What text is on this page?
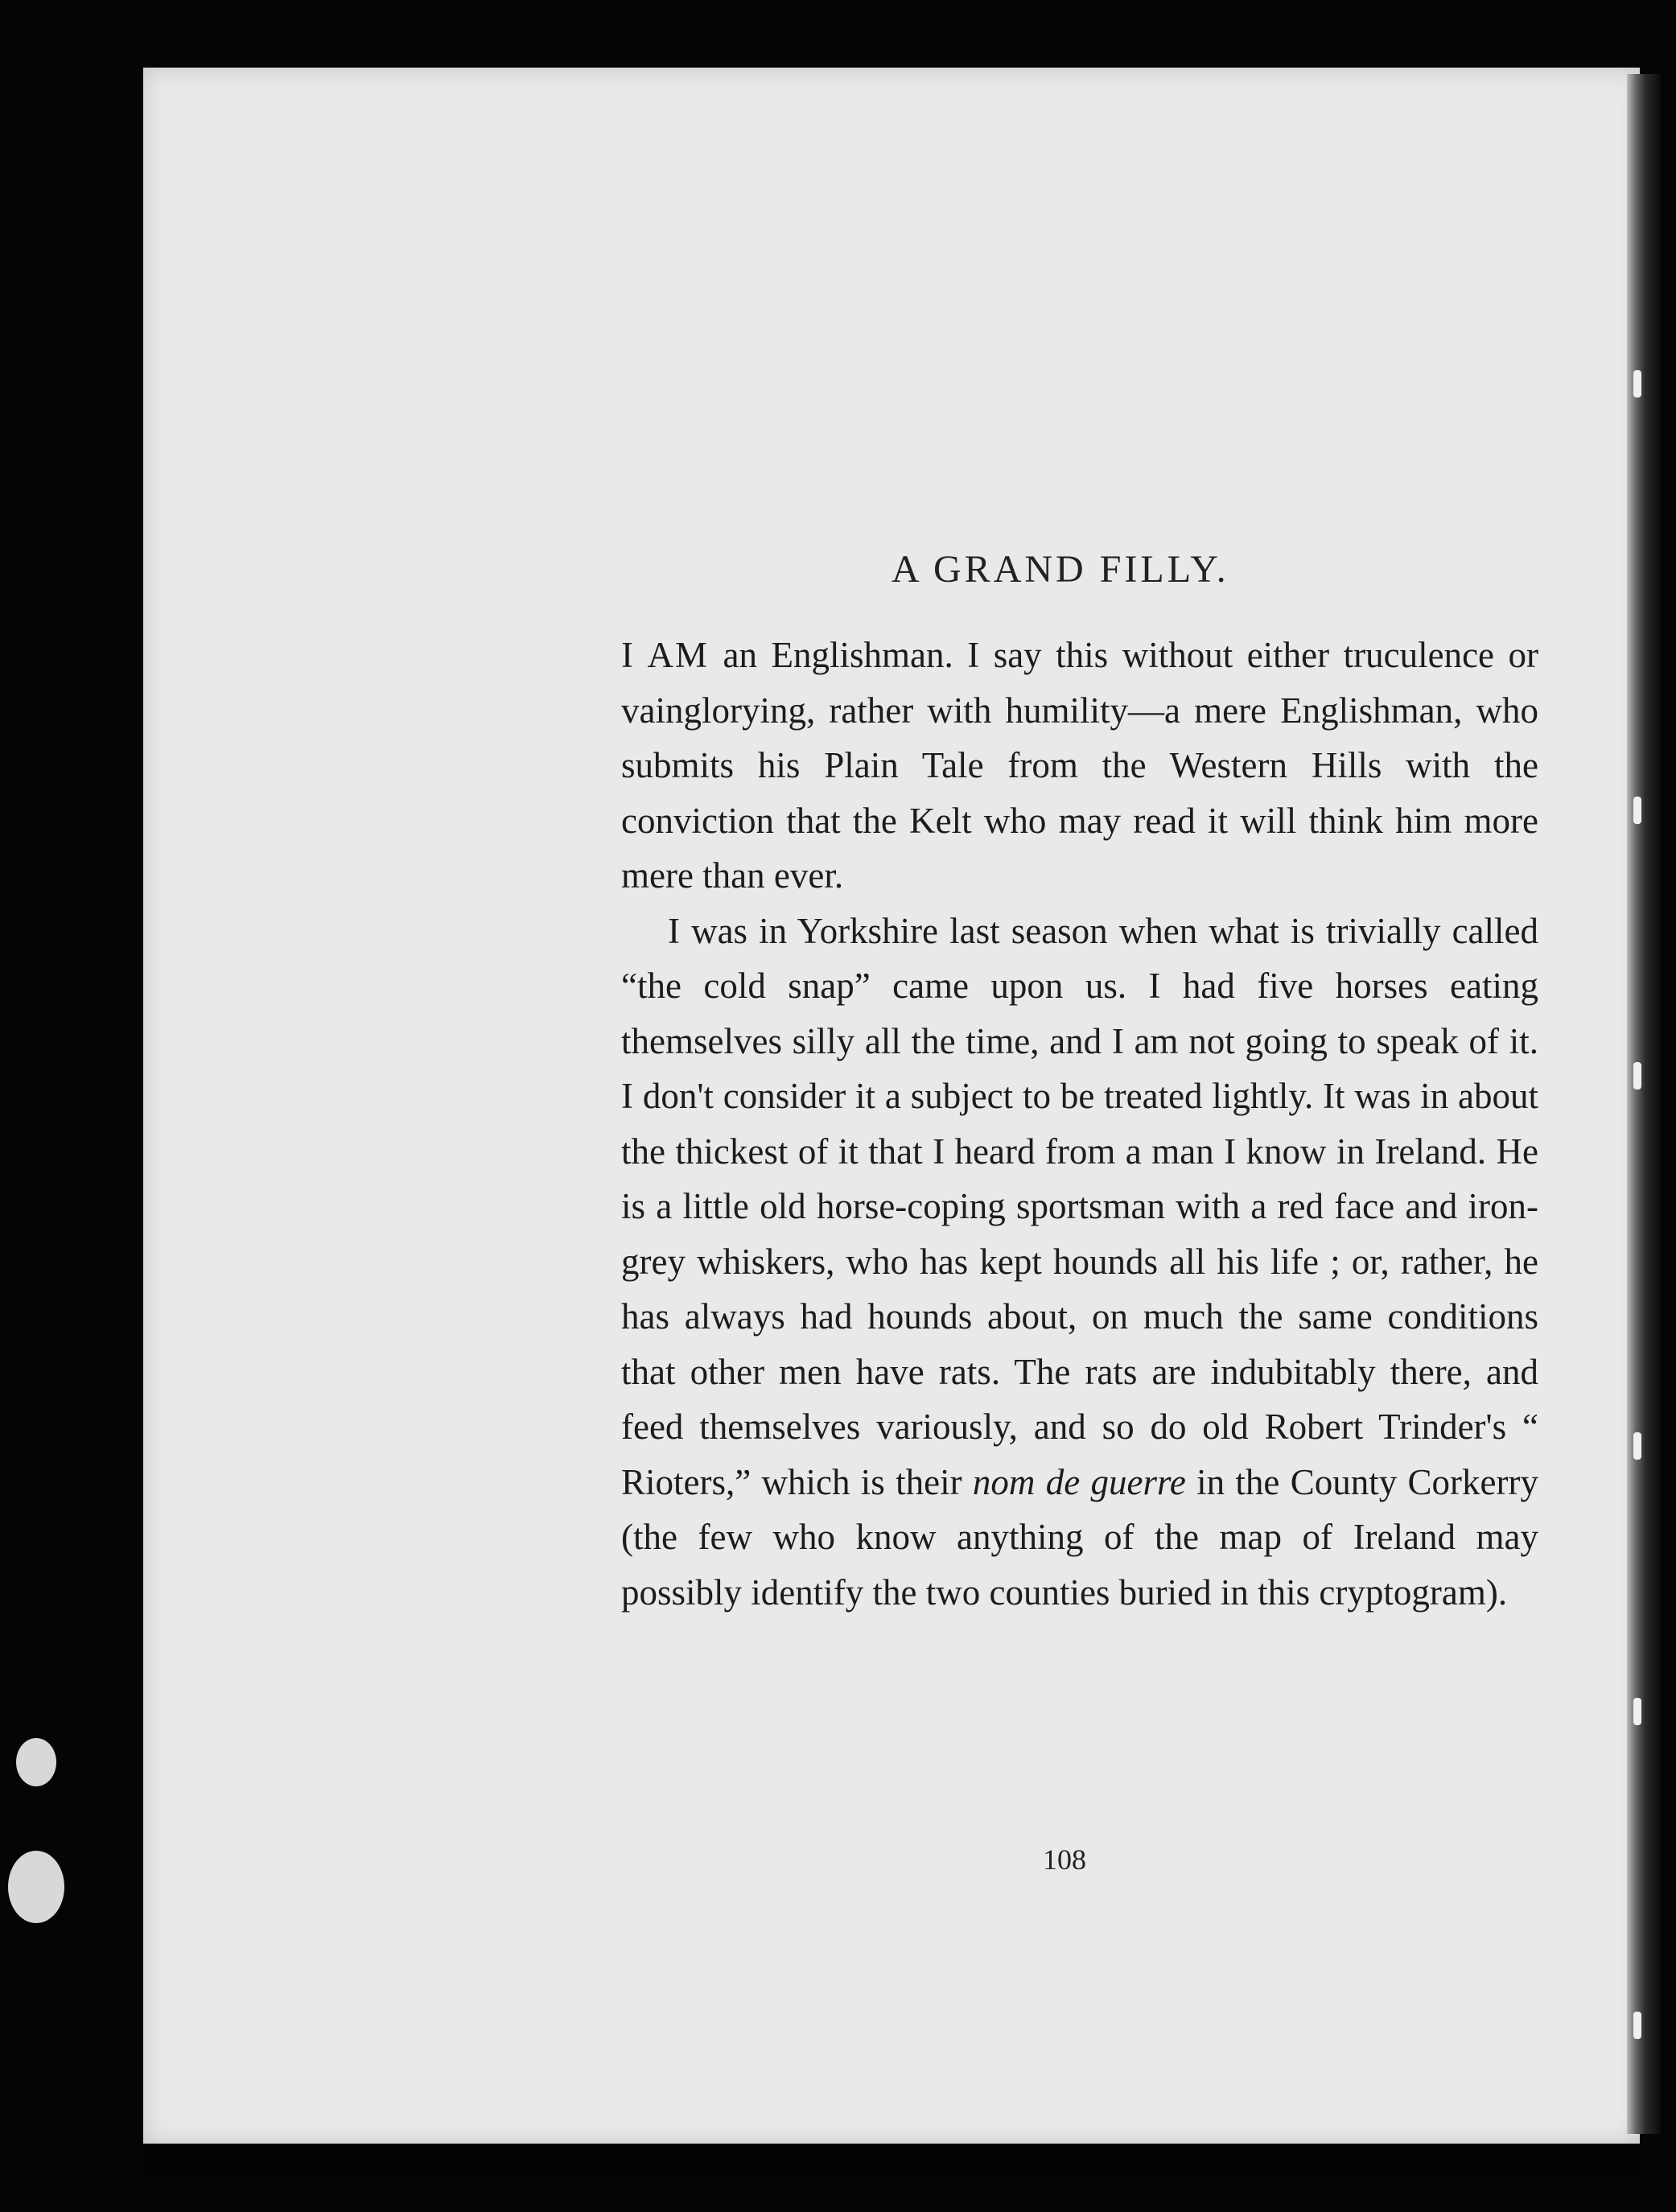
A GRAND FILLY.

I AM an Englishman. I say this without either truculence or vainglorying, rather with humility—a mere Englishman, who submits his Plain Tale from the Western Hills with the conviction that the Kelt who may read it will think him more mere than ever.

I was in Yorkshire last season when what is trivially called “the cold snap” came upon us. I had five horses eating themselves silly all the time, and I am not going to speak of it. I don't consider it a subject to be treated lightly. It was in about the thickest of it that I heard from a man I know in Ireland. He is a little old horse-coping sportsman with a red face and iron-grey whiskers, who has kept hounds all his life ; or, rather, he has always had hounds about, on much the same conditions that other men have rats. The rats are indubitably there, and feed themselves variously, and so do old Robert Trinder's “ Rioters,” which is their nom de guerre in the County Corkerry (the few who know anything of the map of Ireland may possibly identify the two counties buried in this cryptogram).

108
